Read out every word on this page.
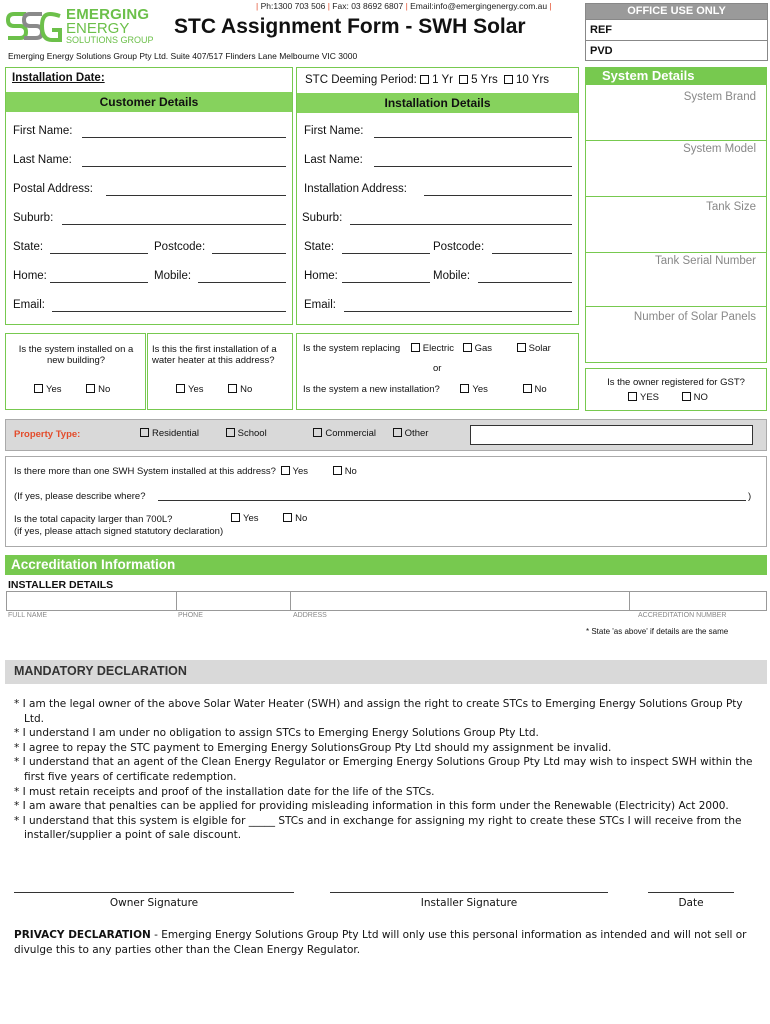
EMERGING
ENERGY
SOLUTIONS GROUP
| Ph:1300 703 506 | Fax: 03 8692 6807 | Email:info@emergingenergy.com.au |
STC Assignment Form - SWH Solar
Emerging Energy Solutions Group Pty Ltd. Suite 407/517 Flinders Lane Melbourne VIC 3000
OFFICE USE ONLY
REF
PVD
Installation Date:
Customer Details
First Name:
Last Name:
Postal Address:
Suburb:
State:	Postcode:
Home:	Mobile:
Email:
STC Deeming Period: 1 Yr 5 Yrs 10 Yrs
Installation Details
First Name:
Last Name:
Installation Address:
Suburb:
State:	Postcode:
Home:	Mobile:
Email:
System Details
System Brand
System Model
Tank Size
Tank Serial Number
Number of Solar Panels
Is the owner registered for GST?
YES	NO
Is the system installed on a new building?
Yes	No
Is this the first installation of a water heater at this address?
Yes	No
Is the system replacing Electric Gas	Solar
or
Is the system a new installation?	Yes	No
Property Type:	Residential	School	Commercial	Other
Is there more than one SWH System installed at this address? Yes	No
(If yes, please describe where?	)
Is the total capacity larger than 700L?	Yes	No
(if yes, please attach signed statutory declaration)
Accreditation Information
INSTALLER DETAILS
FULL NAME	PHONE	ADDRESS	ACCREDITATION NUMBER
* State 'as above' if details are the same
MANDATORY DECLARATION
* I am the legal owner of the above Solar Water Heater (SWH) and assign the right to create STCs to Emerging Energy Solutions Group Pty Ltd.
* I understand I am under no obligation to assign STCs to Emerging Energy Solutions Group Pty Ltd.
* I agree to repay the STC payment to Emerging Energy SolutionsGroup Pty Ltd should my assignment be invalid.
* I understand that an agent of the Clean Energy Regulator or Emerging Energy Solutions Group Pty Ltd may wish to inspect SWH within the first five years of certificate redemption.
* I must retain receipts and proof of the installation date for the life of the STCs.
* I am aware that penalties can be applied for providing misleading information in this form under the Renewable (Electricity) Act 2000.
* I understand that this system is elgible for _____ STCs and in exchange for assigning my right to create these STCs I will receive from the installer/supplier a point of sale discount.
Owner Signature	Installer Signature	Date
PRIVACY DECLARATION - Emerging Energy Solutions Group Pty Ltd will only use this personal information as intended and will not sell or divulge this to any parties other than the Clean Energy Regulator.
